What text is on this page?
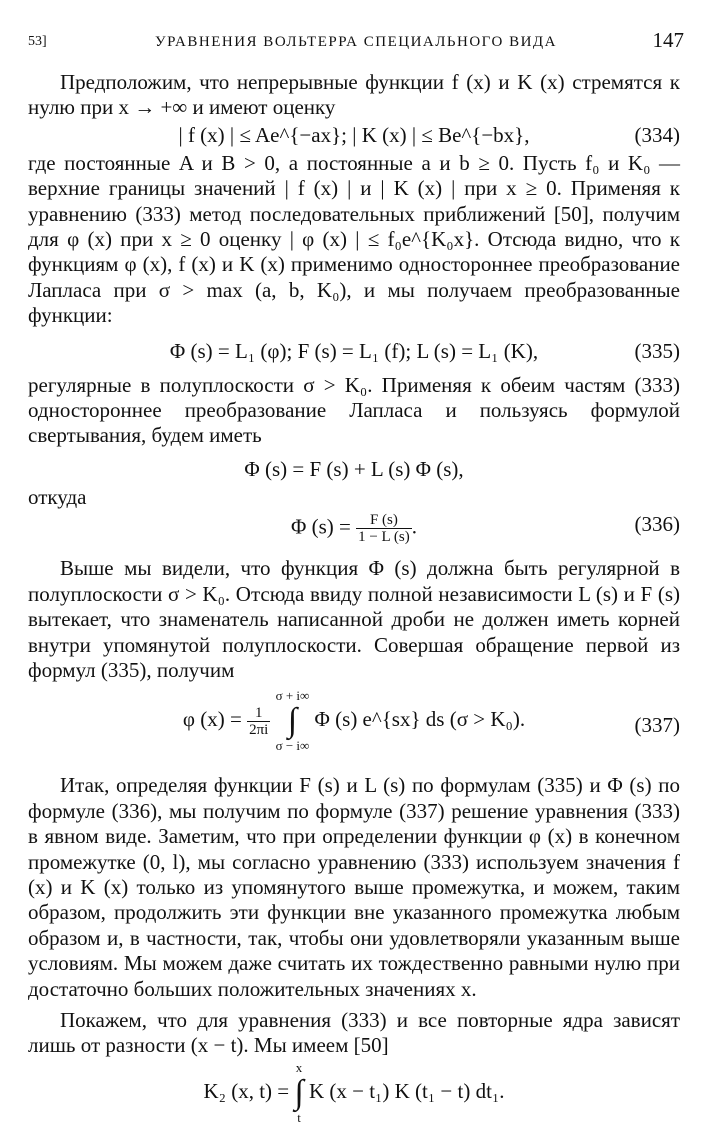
53]	УРАВНЕНИЯ ВОЛЬТЕРРА СПЕЦИАЛЬНОГО ВИДА	147

Предположим, что непрерывные функции f (x) и K (x) стремятся к нулю при x → +∞ и имеют оценку

| f (x) | ≤ Ae^{−ax}; | K (x) | ≤ Be^{−bx},	(334)

где постоянные A и B > 0, а постоянные a и b ≥ 0. Пусть f₀ и K₀ — верхние границы значений | f (x) | и | K (x) | при x ≥ 0. Применяя к уравнению (333) метод последовательных приближений [50], получим для φ (x) при x ≥ 0 оценку | φ (x) | ≤ f₀e^{K₀x}. Отсюда видно, что к функциям φ (x), f (x) и K (x) применимо одностороннее преобразование Лапласа при σ > max (a, b, K₀), и мы получаем преобразованные функции:

Φ (s) = L₁ (φ); F (s) = L₁ (f); L (s) = L₁ (K),	(335)

регулярные в полуплоскости σ > K₀. Применяя к обеим частям (333) одностороннее преобразование Лапласа и пользуясь формулой свертывания, будем иметь

Φ (s) = F (s) + L (s) Φ (s),

откуда

Φ $(s) = \frac{F (s)}{1 - L (s)}$ .	(336)

Выше мы видели, что функция Φ (s) должна быть регулярной в полуплоскости σ > K₀. Отсюда ввиду полной независимости L (s) и F (s) вытекает, что знаменатель написанной дроби не должен иметь корней внутри упомянутой полуплоскости. Совершая обращение первой из формул (335), получим

φ $(x) = \frac{1}{2\pi i}$
σ + i∞
∫
σ − i∞ Φ (s) e^{sx} ds (σ > K₀).	(337)

Итак, определяя функции F (s) и L (s) по формулам (335) и Φ (s) по формуле (336), мы получим по формуле (337) решение уравнения (333) в явном виде. Заметим, что при определении функции φ (x) в конечном промежутке (0, l), мы согласно уравнению (333) используем значения f (x) и K (x) только из упомянутого выше промежутка, и можем, таким образом, продолжить эти функции вне указанного промежутка любым образом и, в частности, так, чтобы они удовлетворяли указанным выше условиям. Мы можем даже считать их тождественно равными нулю при достаточно больших положительных значениях x.

Покажем, что для уравнения (333) и все повторные ядра зависят лишь от разности (x − t). Мы имеем [50]

K₂ (x, t) = x
∫
t K (x − t₁) K (t₁ − t) dt₁.
